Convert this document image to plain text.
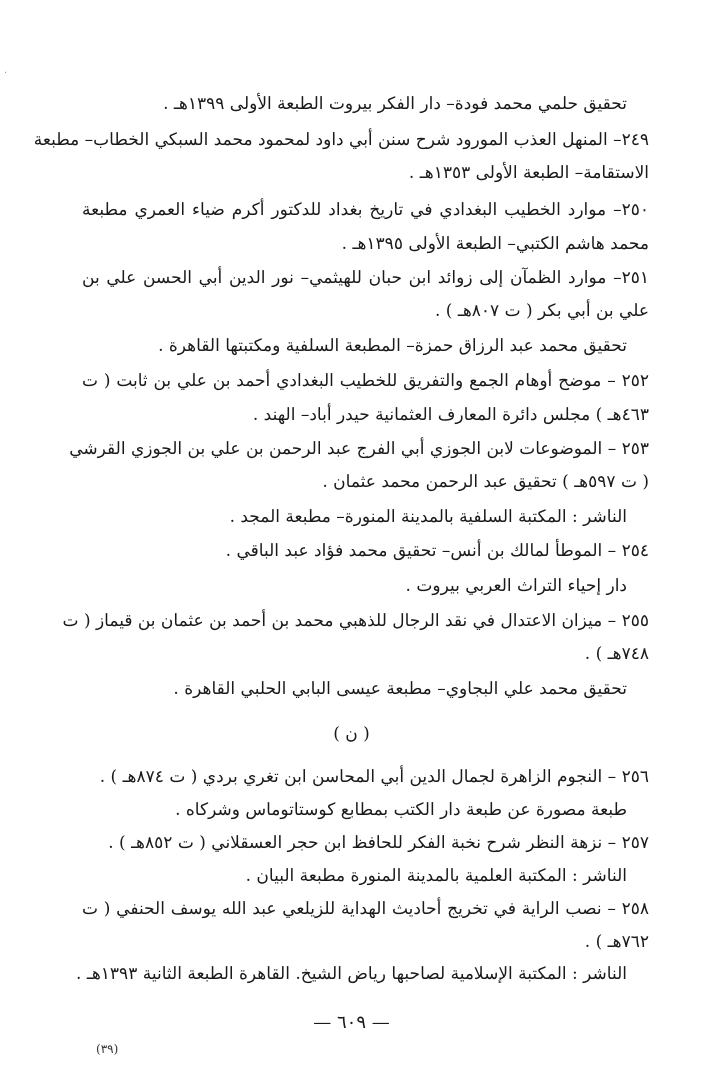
·
تحقيق حلمي محمد فودة– دار الفكر بيروت الطبعة الأولى ١٣٩٩هـ .
٢٤٩– المنهل العذب المورود شرح سنن أبي داود لمحمود محمد السبكي الخطاب– مطبعة
الاستقامة– الطبعة الأولى ١٣٥٣هـ .
٢٥٠– موارد الخطيب البغدادي في تاريخ بغداد للدكتور أكرم ضياء العمري مطبعة
محمد هاشم الكتبي– الطبعة الأولى ١٣٩٥هـ .
٢٥١– موارد الظمآن إلى زوائد ابن حبان للهيثمي– نور الدين أبي الحسن علي بن
علي بن أبي بكر ( ت ٨٠٧هـ ) .
تحقيق محمد عبد الرزاق حمزة– المطبعة السلفية ومكتبتها القاهرة .
٢٥٢ – موضح أوهام الجمع والتفريق للخطيب البغدادي أحمد بن علي بن ثابت ( ت
٤٦٣هـ ) مجلس دائرة المعارف العثمانية حيدر أباد– الهند .
٢٥٣ – الموضوعات لابن الجوزي أبي الفرج عبد الرحمن بن علي بن الجوزي القرشي
( ت ٥٩٧هـ ) تحقيق عبد الرحمن محمد عثمان .
الناشر : المكتبة السلفية بالمدينة المنورة– مطبعة المجد .
٢٥٤ – الموطأ لمالك بن أنس– تحقيق محمد فؤاد عبد الباقي .
دار إحياء التراث العربي بيروت .
٢٥٥ – ميزان الاعتدال في نقد الرجال للذهبي محمد بن أحمد بن عثمان بن قيماز ( ت
٧٤٨هـ ) .
تحقيق محمد علي البجاوي– مطبعة عيسى البابي الحلبي القاهرة .
( ن )
٢٥٦ – النجوم الزاهرة لجمال الدين أبي المحاسن ابن تغري بردي ( ت ٨٧٤هـ ) .
طبعة مصورة عن طبعة دار الكتب بمطابع كوستاتوماس وشركاه .
٢٥٧ – نزهة النظر شرح نخبة الفكر للحافظ ابن حجر العسقلاني ( ت ٨٥٢هـ ) .
الناشر : المكتبة العلمية بالمدينة المنورة مطبعة البيان .
٢٥٨ – نصب الراية في تخريج أحاديث الهداية للزيلعي عبد الله يوسف الحنفي ( ت
٧٦٢هـ ) .
الناشر : المكتبة الإسلامية لصاحبها رياض الشيخ. القاهرة الطبعة الثانية ١٣٩٣هـ .
— ٦٠٩ —
(٣٩)
